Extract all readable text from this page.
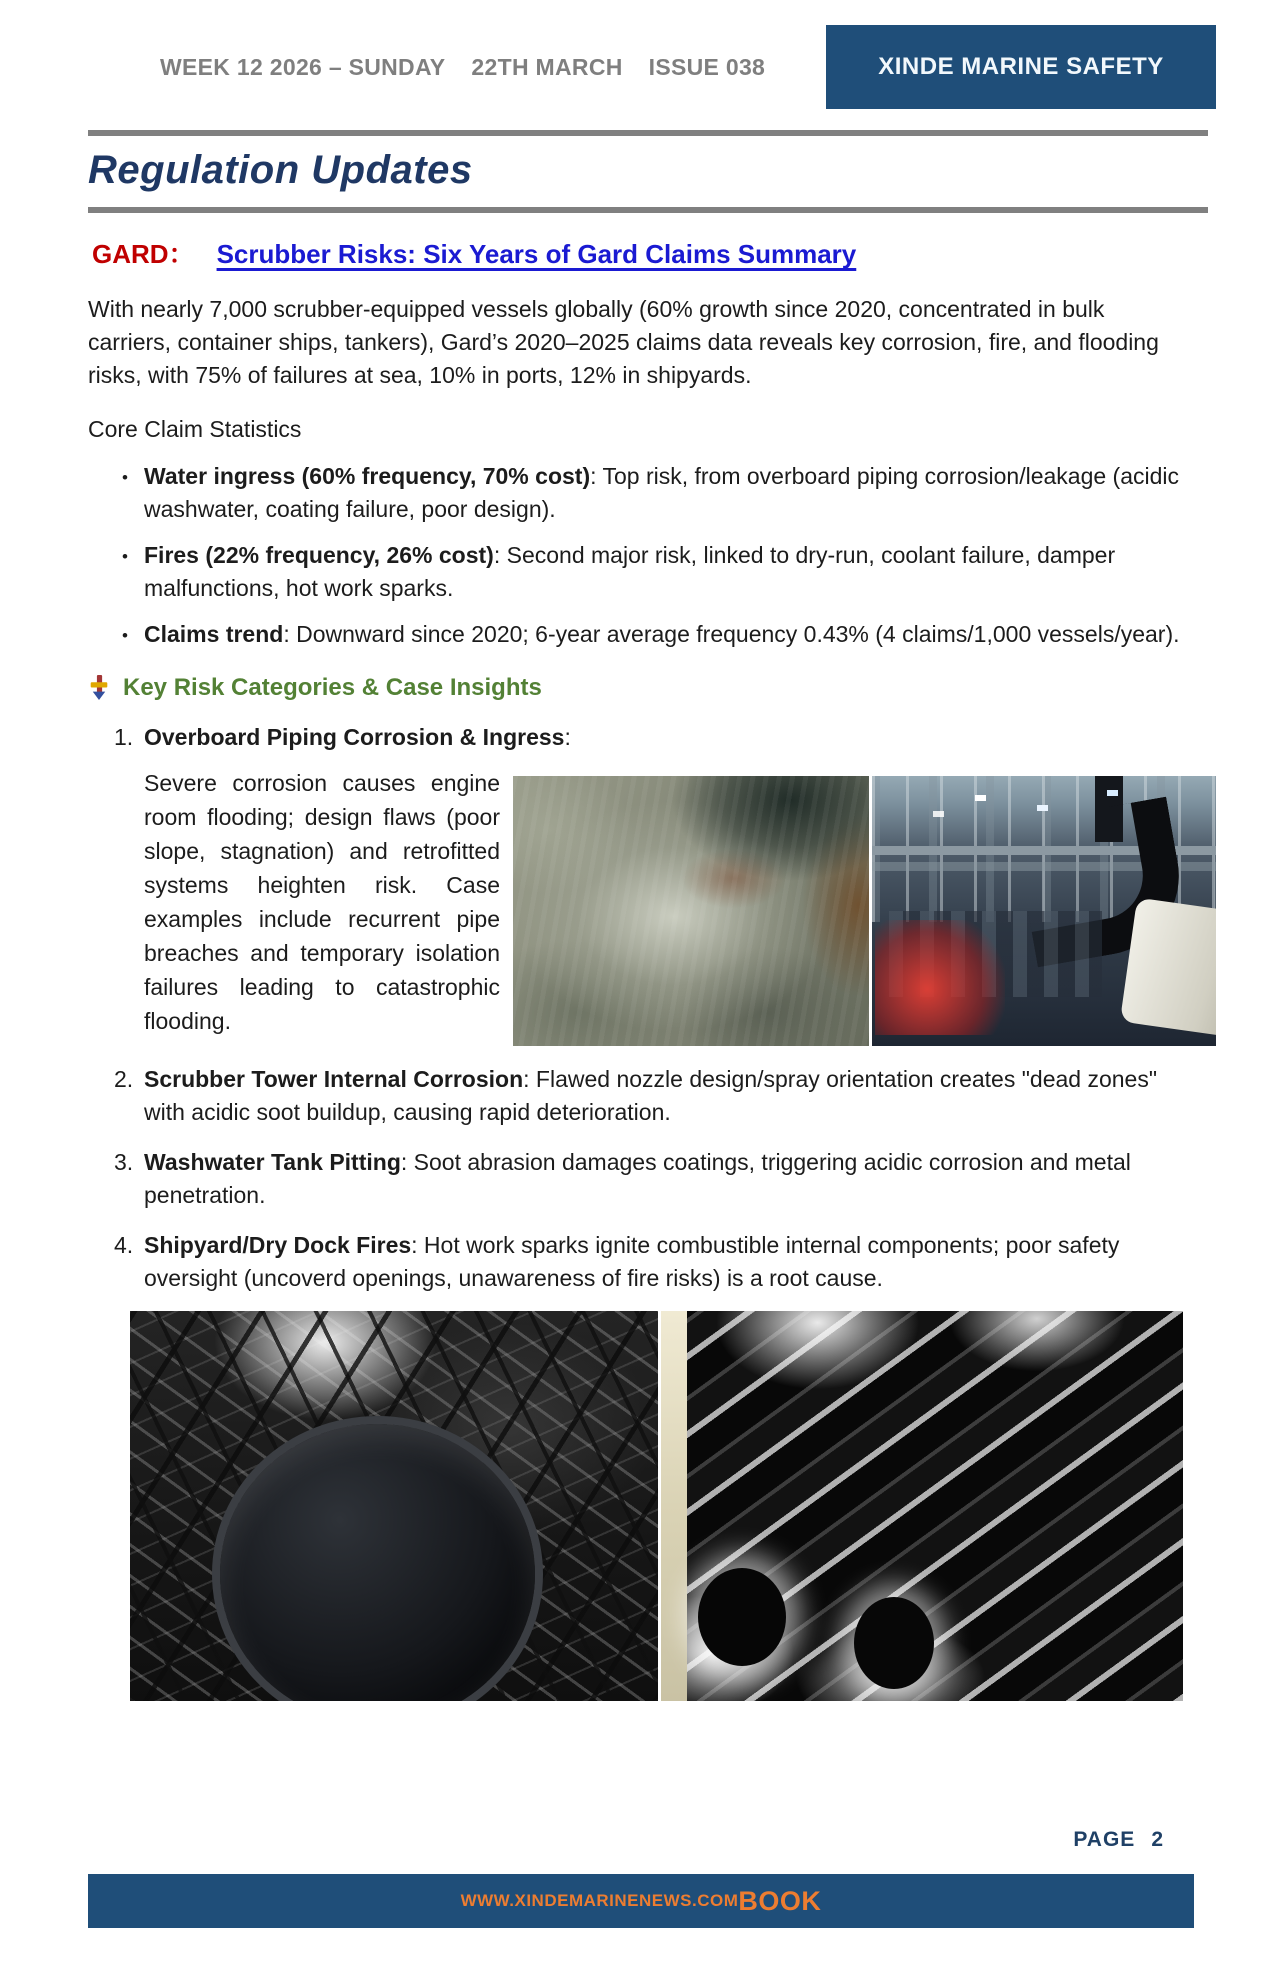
WEEK 12 2026 – SUNDAY 22TH MARCH ISSUE 038	XINDE MARINE SAFETY
Regulation Updates
GARD： Scrubber Risks: Six Years of Gard Claims Summary
With nearly 7,000 scrubber-equipped vessels globally (60% growth since 2020, concentrated in bulk carriers, container ships, tankers), Gard’s 2020–2025 claims data reveals key corrosion, fire, and flooding risks, with 75% of failures at sea, 10% in ports, 12% in shipyards.
Core Claim Statistics
• Water ingress (60% frequency, 70% cost): Top risk, from overboard piping corrosion/leakage (acidic washwater, coating failure, poor design).
• Fires (22% frequency, 26% cost): Second major risk, linked to dry-run, coolant failure, damper malfunctions, hot work sparks.
• Claims trend: Downward since 2020; 6-year average frequency 0.43% (4 claims/1,000 vessels/year).
Key Risk Categories & Case Insights
1. Overboard Piping Corrosion & Ingress:
Severe corrosion causes engine room flooding; design flaws (poor slope, stagnation) and retrofitted systems heighten risk. Case examples include recurrent pipe breaches and temporary isolation failures leading to catastrophic flooding.
2. Scrubber Tower Internal Corrosion: Flawed nozzle design/spray orientation creates "dead zones" with acidic soot buildup, causing rapid deterioration.
3. Washwater Tank Pitting: Soot abrasion damages coatings, triggering acidic corrosion and metal penetration.
4. Shipyard/Dry Dock Fires: Hot work sparks ignite combustible internal components; poor safety oversight (uncoverd openings, unawareness of fire risks) is a root cause.
PAGE 2
WWW.XINDEMARINENEWS.COM BOOK
